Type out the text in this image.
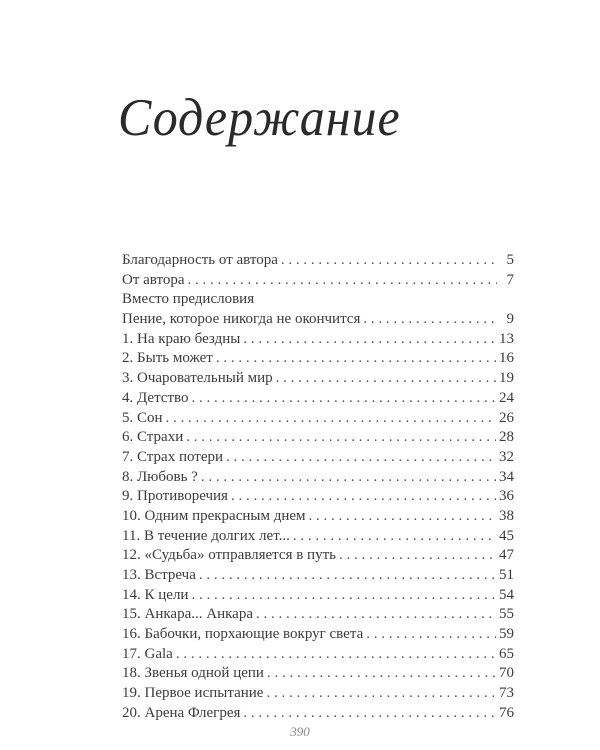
Содержание
Благодарность от автора . . .	5
От автора . . .	7
Вместо предисловия
Пение, которое никогда не окончится . . .	9
1. На краю бездны . . .	13
2. Быть может . . .	16
3. Очаровательный мир . . .	19
4. Детство . . .	24
5. Сон . . .	26
6. Страхи . . .	28
7. Страх потери . . .	32
8. Любовь ? . . .	34
9. Противоречия . . .	36
10. Одним прекрасным днем . . .	38
11. В течение долгих лет... . . .	45
12. «Судьба» отправляется в путь . . .	47
13. Встреча . . .	51
14. К цели . . .	54
15. Анкара... Анкара . . .	55
16. Бабочки, порхающие вокруг света . . .	59
17. Gala . . .	65
18. Звенья одной цепи . . .	70
19. Первое испытание . . .	73
20. Арена Флегрея . . .	76
390
